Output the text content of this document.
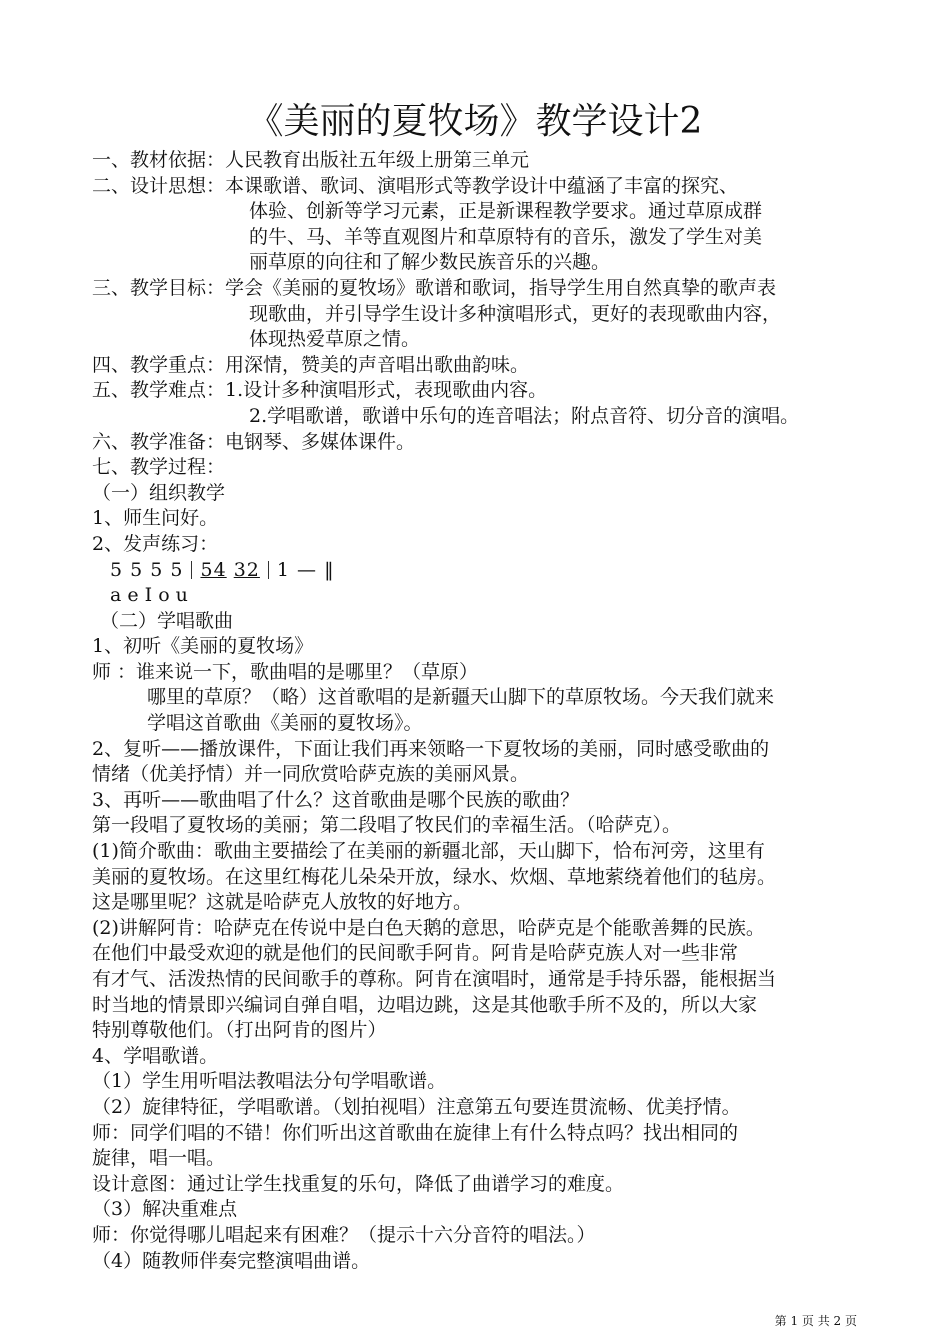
《美丽的夏牧场》教学设计2
一、教材依据：人民教育出版社五年级上册第三单元
二、设计思想：本课歌谱、歌词、演唱形式等教学设计中蕴涵了丰富的探究、
体验、创新等学习元素，正是新课程教学要求。通过草原成群
的牛、马、羊等直观图片和草原特有的音乐，激发了学生对美
丽草原的向往和了解少数民族音乐的兴趣。
三、教学目标：学会《美丽的夏牧场》歌谱和歌词，指导学生用自然真挚的歌声表
现歌曲，并引导学生设计多种演唱形式，更好的表现歌曲内容，
体现热爱草原之情。
四、教学重点：用深情，赞美的声音唱出歌曲韵味。
五、教学难点：1.设计多种演唱形式，表现歌曲内容。
2.学唱歌谱，歌谱中乐句的连音唱法；附点音符、切分音的演唱。
六、教学准备：电钢琴、多媒体课件。
七、教学过程：
（一）组织教学
1、师生问好。
2、发声练习：
5 5 5 5 54 32 1 — ‖
a e I o u
（二）学唱歌曲
1、初听《美丽的夏牧场》
师 ：谁来说一下，歌曲唱的是哪里？（草原）
哪里的草原？（略）这首歌唱的是新疆天山脚下的草原牧场。今天我们就来
学唱这首歌曲《美丽的夏牧场》。
2、复听——播放课件，下面让我们再来领略一下夏牧场的美丽，同时感受歌曲的
情绪（优美抒情）并一同欣赏哈萨克族的美丽风景。
3、再听——歌曲唱了什么？这首歌曲是哪个民族的歌曲？
第一段唱了夏牧场的美丽；第二段唱了牧民们的幸福生活。（哈萨克）。
(1)简介歌曲：歌曲主要描绘了在美丽的新疆北部，天山脚下，恰布河旁，这里有
美丽的夏牧场。在这里红梅花儿朵朵开放，绿水、炊烟、草地萦绕着他们的毡房。
这是哪里呢？这就是哈萨克人放牧的好地方。
(2)讲解阿肯：哈萨克在传说中是白色天鹅的意思，哈萨克是个能歌善舞的民族。
在他们中最受欢迎的就是他们的民间歌手阿肯。阿肯是哈萨克族人对一些非常
有才气、活泼热情的民间歌手的尊称。阿肯在演唱时，通常是手持乐器，能根据当
时当地的情景即兴编词自弹自唱，边唱边跳，这是其他歌手所不及的，所以大家
特别尊敬他们。（打出阿肯的图片）
4、学唱歌谱。
（1）学生用听唱法教唱法分句学唱歌谱。
（2）旋律特征，学唱歌谱。（划拍视唱）注意第五句要连贯流畅、优美抒情。
师：同学们唱的不错！你们听出这首歌曲在旋律上有什么特点吗？找出相同的
旋律，唱一唱。
设计意图：通过让学生找重复的乐句，降低了曲谱学习的难度。
（3）解决重难点
师：你觉得哪儿唱起来有困难？（提示十六分音符的唱法。）
（4）随教师伴奏完整演唱曲谱。
第 1 页 共 2 页
